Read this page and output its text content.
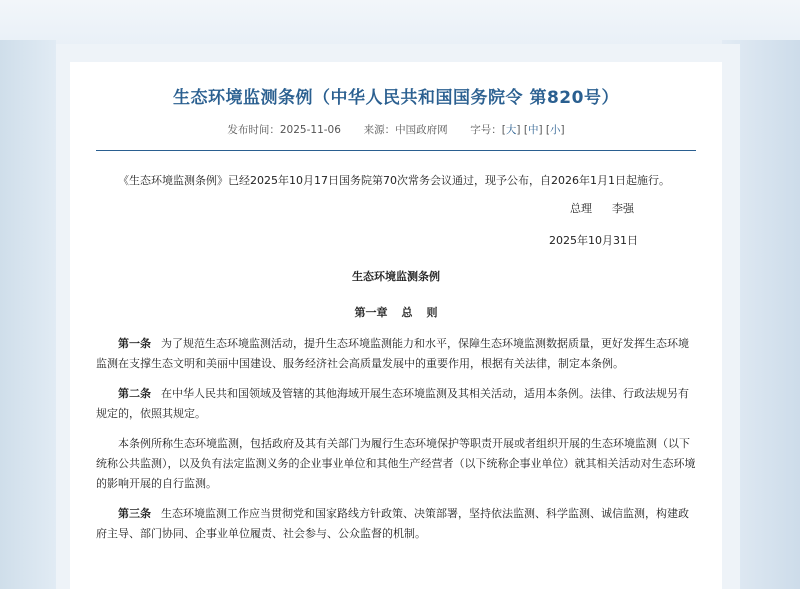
生态环境监测条例（中华人民共和国国务院令 第820号）
发布时间：2025-11-06 来源：中国政府网 字号：[大] [中] [小]

《生态环境监测条例》已经2025年10月17日国务院第70次常务会议通过，现予公布，自2026年1月1日起施行。

总理 李强

2025年10月31日

生态环境监测条例

第一章 总 则

第一条 为了规范生态环境监测活动，提升生态环境监测能力和水平，保障生态环境监测数据质量，更好发挥生态环境监测在支撑生态文明和美丽中国建设、服务经济社会高质量发展中的重要作用，根据有关法律，制定本条例。

第二条 在中华人民共和国领域及管辖的其他海域开展生态环境监测及其相关活动，适用本条例。法律、行政法规另有规定的，依照其规定。

本条例所称生态环境监测，包括政府及其有关部门为履行生态环境保护等职责开展或者组织开展的生态环境监测（以下统称公共监测），以及负有法定监测义务的企业事业单位和其他生产经营者（以下统称企事业单位）就其相关活动对生态环境的影响开展的自行监测。

第三条 生态环境监测工作应当贯彻党和国家路线方针政策、决策部署，坚持依法监测、科学监测、诚信监测，构建政府主导、部门协同、企事业单位履责、社会参与、公众监督的机制。
